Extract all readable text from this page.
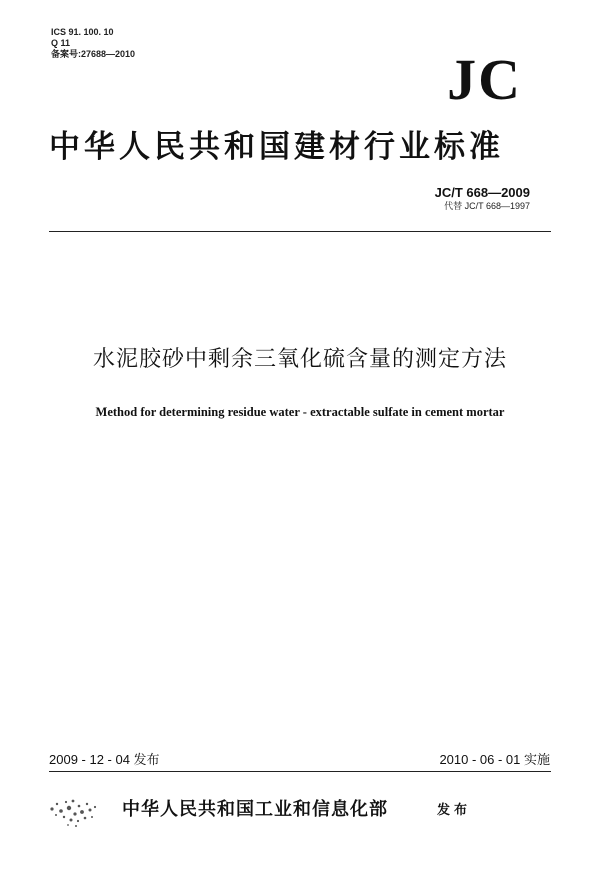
ICS 91. 100. 10
Q 11
备案号:27688—2010	JC
中华人民共和国建材行业标准
JC/T 668—2009
代替 JC/T 668—1997
水泥胶砂中剩余三氧化硫含量的测定方法
Method for determining residue water - extractable sulfate in cement mortar
2009 - 12 - 04 发布	2010 - 06 - 01 实施
中华人民共和国工业和信息化部	发布
